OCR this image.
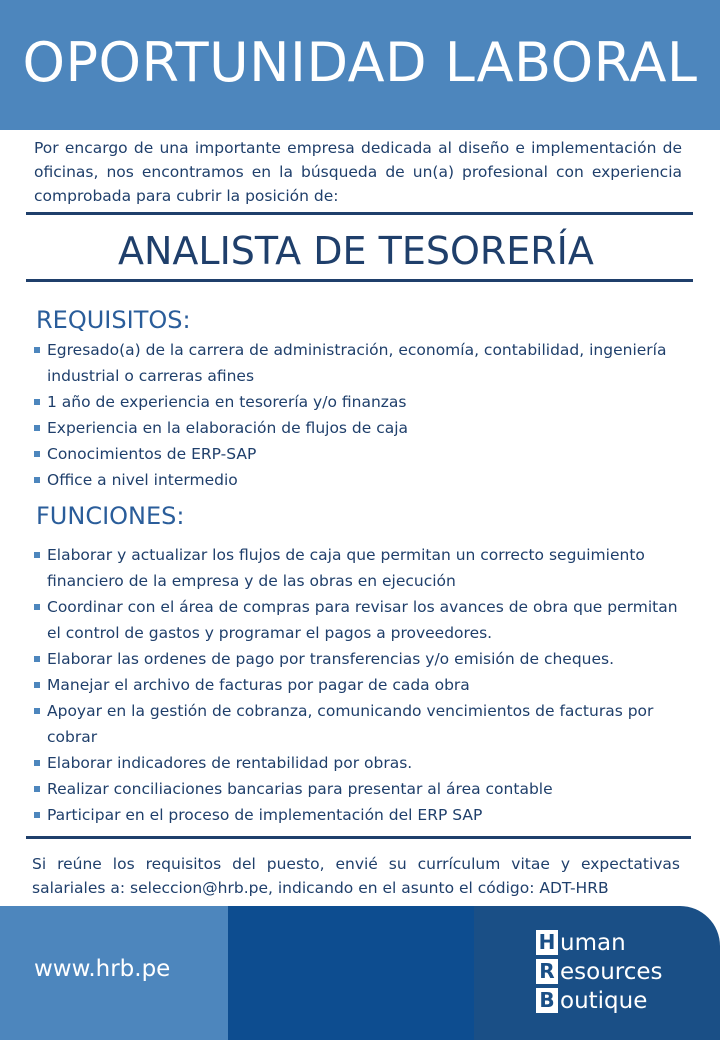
OPORTUNIDAD LABORAL
Por encargo de una importante empresa dedicada al diseño e implementación de oficinas, nos encontramos en la búsqueda de un(a) profesional con experiencia comprobada para cubrir la posición de:
ANALISTA DE TESORERÍA
REQUISITOS:
Egresado(a) de la carrera de administración, economía, contabilidad, ingeniería industrial o carreras afines
1 año de experiencia en tesorería y/o finanzas
Experiencia en la elaboración de flujos de caja
Conocimientos de ERP-SAP
Office a nivel intermedio
FUNCIONES:
Elaborar y actualizar los flujos de caja que permitan un correcto seguimiento financiero de la empresa y de las obras en ejecución
Coordinar con el área de compras para revisar los avances de obra que permitan el control de gastos y programar el pagos a proveedores.
Elaborar las ordenes de pago por transferencias y/o emisión de cheques.
Manejar el archivo de facturas por pagar de cada obra
Apoyar en la gestión de cobranza, comunicando vencimientos de facturas por cobrar
Elaborar indicadores de rentabilidad por obras.
Realizar conciliaciones bancarias para presentar al área contable
Participar en el proceso de implementación del ERP SAP
Si reúne los requisitos del puesto, envié su currículum vitae y expectativas salariales a: seleccion@hrb.pe, indicando en el asunto el código: ADT-HRB
www.hrb.pe
H uman
R esources
B outique
